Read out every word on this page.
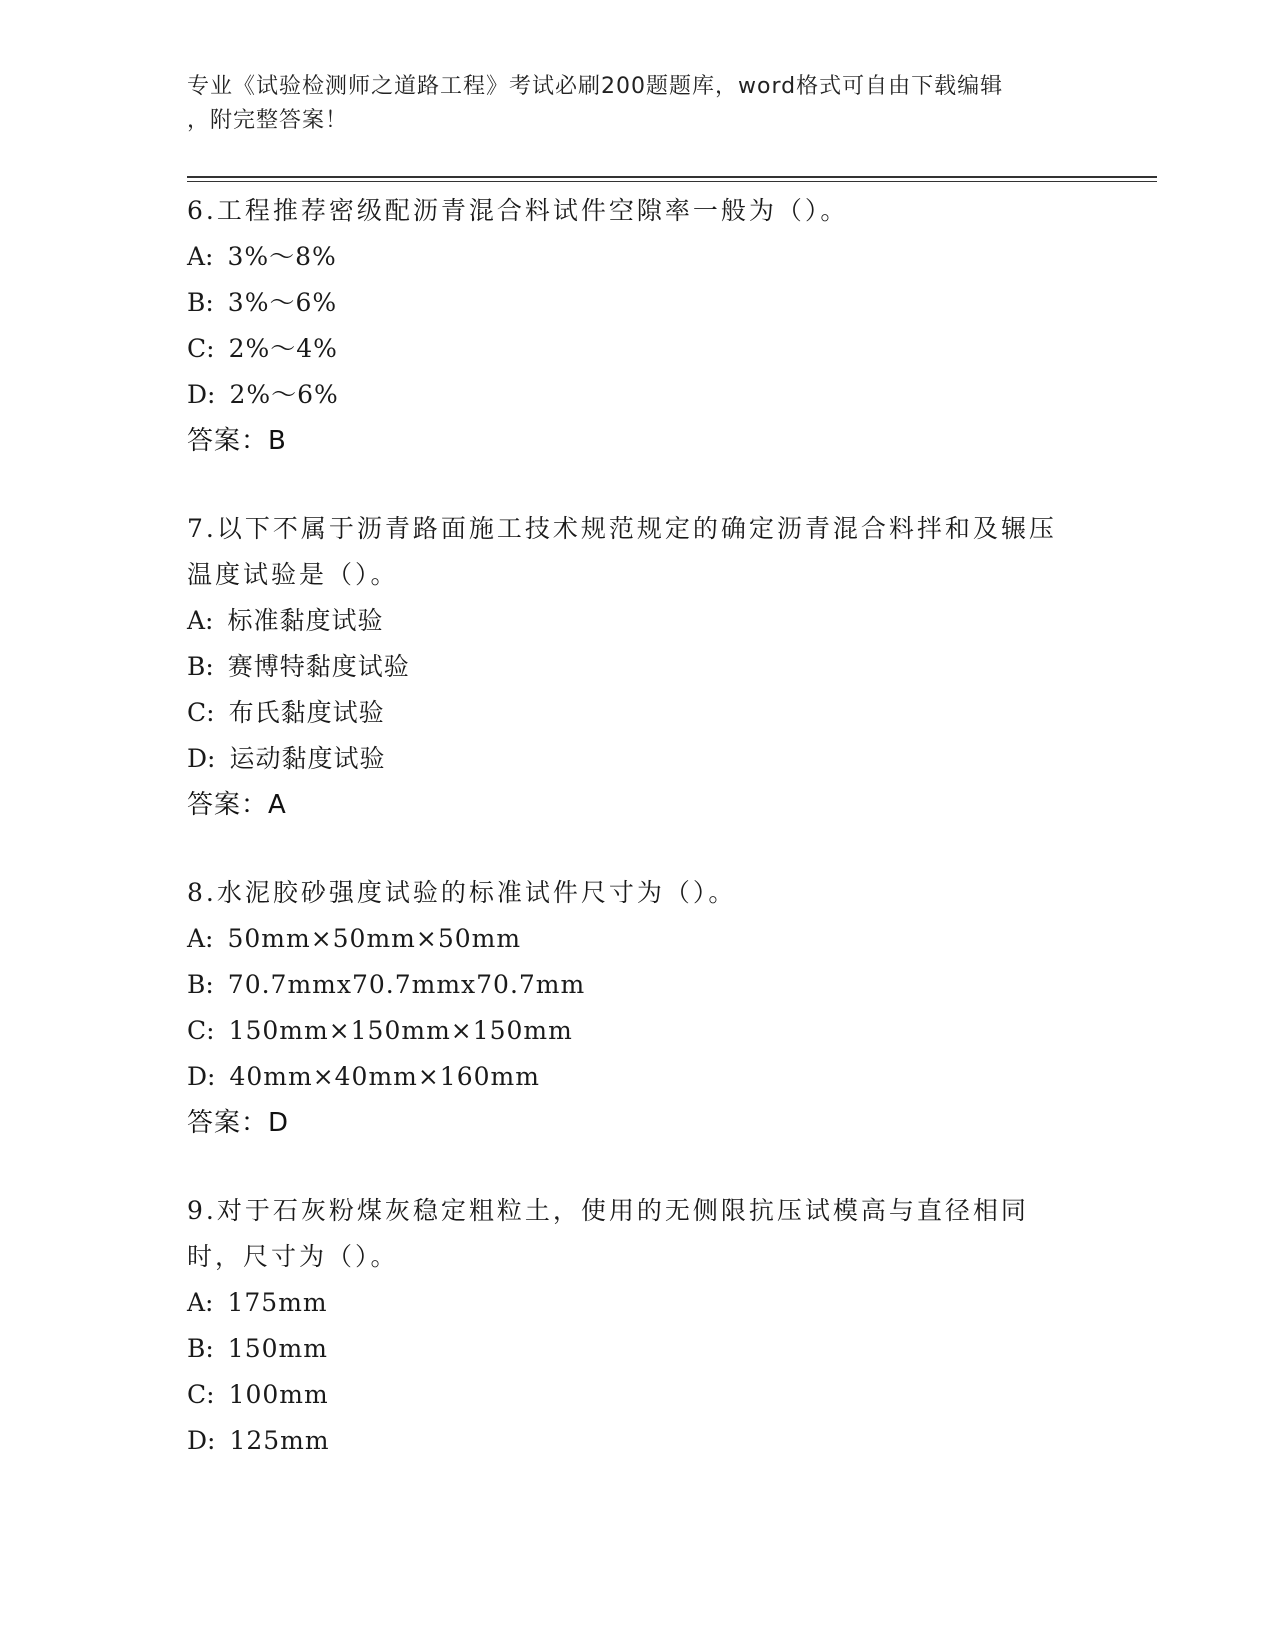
专业《试验检测师之道路工程》考试必刷200题题库，word格式可自由下载编辑
，附完整答案！
6.工程推荐密级配沥青混合料试件空隙率一般为（）。
A: 3%～8%
B: 3%～6%
C: 2%～4%
D: 2%～6%
答案：B
7.以下不属于沥青路面施工技术规范规定的确定沥青混合料拌和及辗压温度试验是（）。
A: 标准黏度试验
B: 赛博特黏度试验
C: 布氏黏度试验
D: 运动黏度试验
答案：A
8.水泥胶砂强度试验的标准试件尺寸为（）。
A: 50mm×50mm×50mm
B: 70.7mmx70.7mmx70.7mm
C: 150mm×150mm×150mm
D: 40mm×40mm×160mm
答案：D
9.对于石灰粉煤灰稳定粗粒土，使用的无侧限抗压试模高与直径相同时，尺寸为（）。
A: 175mm
B: 150mm
C: 100mm
D: 125mm
